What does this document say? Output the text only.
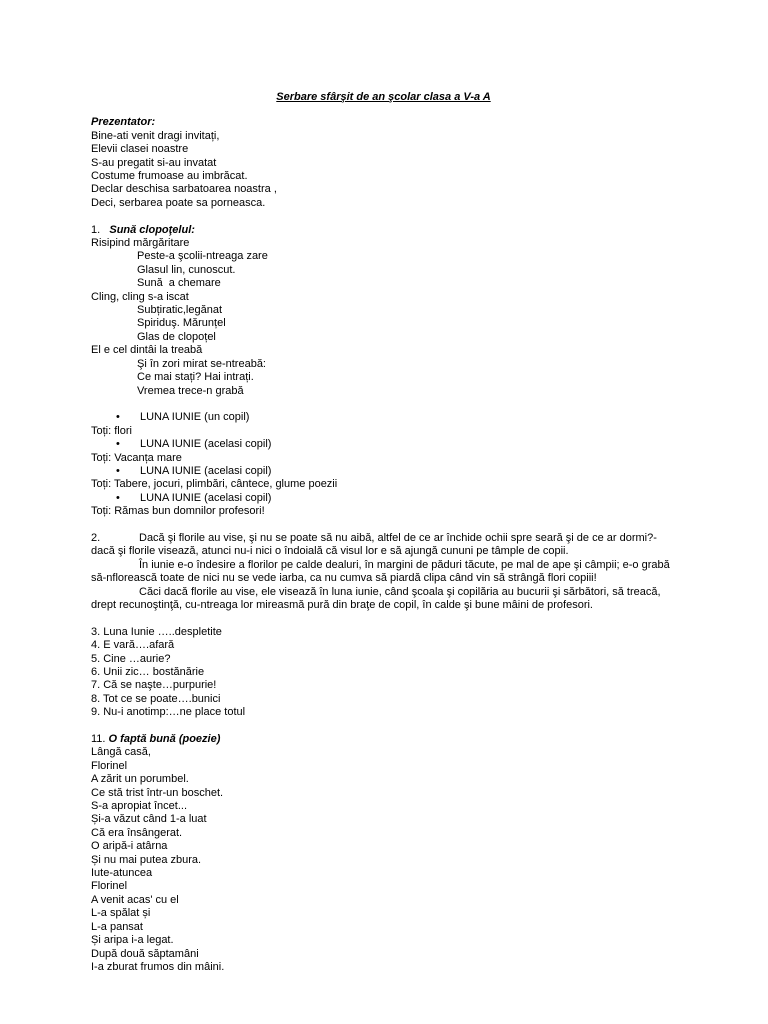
Serbare sfârşit de an şcolar clasa a V-a A
Prezentator:
Bine-ati venit dragi invitați,
Elevii clasei noastre
S-au pregatit si-au invatat
Costume frumoase au imbrăcat.
Declar deschisa sarbatoarea noastra ,
Deci, serbarea poate sa porneasca.
1. Sună clopoţelul:
Risipind mărgăritare
Peste-a şcolii-ntreaga zare
Glasul lin, cunoscut.
Sună  a chemare
Cling, cling s-a iscat
Subțiratic,legănat
Spiriduş. Mărunțel
Glas de clopoțel
El e cel dintâi la treabă
Şi în zori mirat se-ntreabă:
Ce mai stați? Hai intrați.
Vremea trece-n grabă
• LUNA IUNIE (un copil)
Toți: flori
• LUNA IUNIE (acelasi copil)
Toți: Vacanța mare
• LUNA IUNIE (acelasi copil)
Toți: Tabere, jocuri, plimbări, cântece, glume poezii
• LUNA IUNIE (acelasi copil)
Toți: Rămas bun domnilor profesori!
2.	Dacă şi florile au vise, şi nu se poate să nu aibă, altfel de ce ar închide ochii spre seară şi de ce ar dormi?- dacă şi florile visează, atunci nu-i nici o îndoială că visul lor e să ajungă cununi pe tâmple de copii.
În iunie e-o îndesire a florilor pe calde dealuri, în margini de păduri tăcute, pe mal de ape şi câmpii; e-o grabă să-nflorească toate de nici nu se vede iarba, ca nu cumva să piardă clipa când vin să strângă flori copiii!
Căci dacă florile au vise, ele visează în luna iunie, când şcoala şi copilăria au bucurii şi sărbători, să treacă, drept recunoştinţă, cu-ntreaga lor mireasmă pură din braţe de copil, în calde şi bune mâini de profesori.
3. Luna Iunie …..despletite
4. E vară….afară
5. Cine …aurie?
6. Unii zic… bostănărie
7. Că se naşte…purpurie!
8. Tot ce se poate….bunici
9. Nu-i anotimp:…ne place totul
11. O faptă bună (poezie)
Lângă casă,
Florinel
A zărit un porumbel.
Ce stă trist într-un boschet.
S-a apropiat încet...
Și-a văzut când 1-a luat
Că era însângerat.
O aripă-i atârna
Și nu mai putea zbura.
Iute-atuncea
Florinel
A venit acas' cu el
L-a spălat și
L-a pansat
Și aripa i-a legat.
După două săptamâni
I-a zburat frumos din mâini.
